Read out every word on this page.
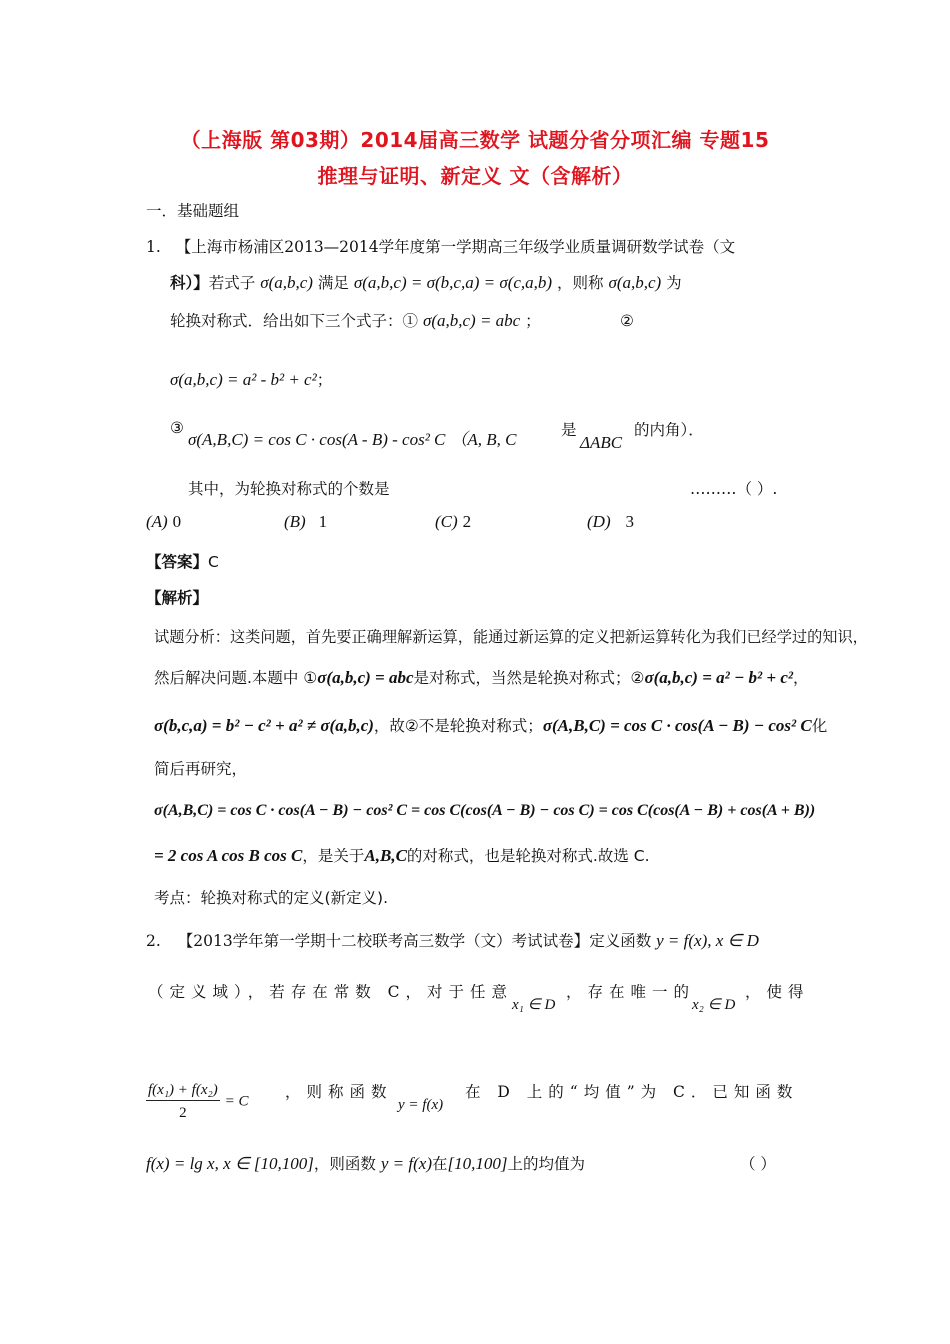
（上海版 第03期）2014届高三数学 试题分省分项汇编 专题15
推理与证明、新定义 文（含解析）
一．基础题组
1. 【上海市杨浦区2013—2014学年度第一学期高三年级学业质量调研数学试卷（文
科）】若式子 σ(a,b,c) 满足 σ(a,b,c) = σ(b,c,a) = σ(c,a,b) ，则称 σ(a,b,c) 为
轮换对称式．给出如下三个式子：① σ(a,b,c) = abc ；	②
σ(a,b,c) = a² - b² + c²；
③
σ(A,B,C) = cos C · cos(A - B) - cos² C （A, B, C	是
ΔABC
的内角）．
其中，为轮换对称式的个数是	………（ ）.
(A) 0	(B) 1	(C) 2	(D) 3
【答案】C
【解析】
试题分析：这类问题，首先要正确理解新运算，能通过新运算的定义把新运算转化为我们已经学过的知识，
然后解决问题.本题中 ①σ(a,b,c) = abc是对称式，当然是轮换对称式；②σ(a,b,c) = a² − b² + c²，
σ(b,c,a) = b² − c² + a² ≠ σ(a,b,c)，故②不是轮换对称式；σ(A,B,C) = cos C · cos(A − B) − cos² C化
简后再研究，
σ(A,B,C) = cos C · cos(A − B) − cos² C = cos C(cos(A − B) − cos C) = cos C(cos(A − B) + cos(A + B))
= 2 cos A cos B cos C，是关于A,B,C的对称式，也是轮换对称式.故选 C.
考点：轮换对称式的定义(新定义).
2. 【2013学年第一学期十二校联考高三数学（文）考试试卷】定义函数 y = f(x), x ∈ D
（定义域），若存在常数 C，对于任意
x₁ ∈ D
，存在唯一的
x₂ ∈ D
，使得
$\frac{\text{f(x₁) + f(x₂)}}{2} = C$
，则称函数
y = f(x)
在 D 上的“均值”为 C．已知函数
f(x) = lg x, x ∈ [10,100]，则函数 y = f(x)在[10,100]上的均值为	（ ）
